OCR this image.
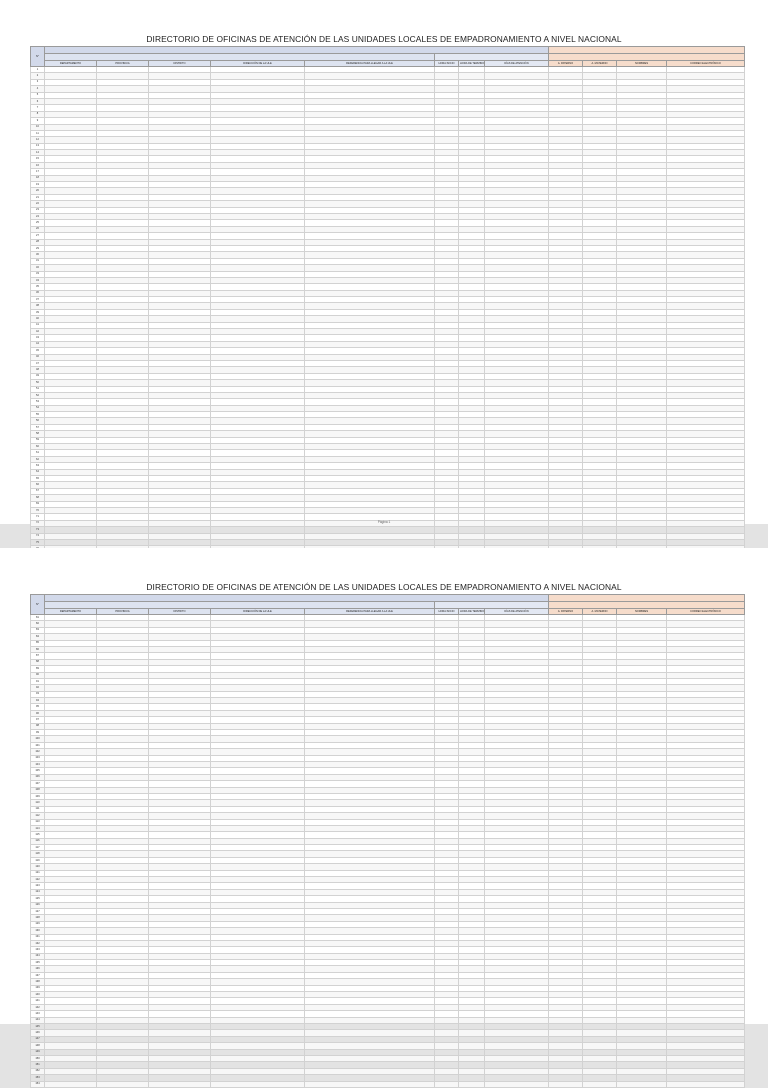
DIRECTORIO DE OFICINAS DE ATENCIÓN DE LAS UNIDADES LOCALES DE EMPADRONAMIENTO A NIVEL NACIONAL
N°												

	DEPARTAMENTO	PROVINCIA	DISTRITO	DIRECCIÓN DE LA ULE	REFERENCIA PARA LLEGAR A LA ULE	HORA INICIO	HORA DE TERMINO	DÍAS DE ATENCIÓN	A. PATERNO	A. MATERNO	NOMBRES	CORREO ELECTRÓNICO
1												
2												
3												
4												
5												
6												
7												
8												
9												
10												
11												
12												
13												
14												
15												
16												
17												
18												
19												
20												
21												
22												
23												
24												
25												
26												
27												
28												
29												
30												
31												
32												
33												
34												
35												
36												
37												
38												
39												
40												
41												
42												
43												
44												
45												
46												
47												
48												
49												
50												
51												
52												
53												
54												
55												
56												
57												
58												
59												
60												
61												
62												
63												
64												
65												
66												
67												
68												
69												
70												
71												
72												
73												
74												
75												

Página 1
DIRECTORIO DE OFICINAS DE ATENCIÓN DE LAS UNIDADES LOCALES DE EMPADRONAMIENTO A NIVEL NACIONAL
N°												

	DEPARTAMENTO	PROVINCIA	DISTRITO	DIRECCIÓN DE LA ULE	REFERENCIA PARA LLEGAR A LA ULE	HORA INICIO	HORA DE TERMINO	DÍAS DE ATENCIÓN	A. PATERNO	A. MATERNO	NOMBRES	CORREO ELECTRÓNICO
81												
82												
83												
84												
85												
86												
87												
88												
89												
90												
91												
92												
93												
94												
95												
96												
97												
98												
99												
100												
101												
102												
103												
104												
105												
106												
107												
108												
109												
110												
111												
112												
113												
114												
115												
116												
117												
118												
119												
120												
121												
122												
123												
124												
125												
126												
127												
128												
129												
130												
131												
132												
133												
134												
135												
136												
137												
138												
139												
140												
141												
142												
143												
144												
145												
146												
147												
148												
149												
150												
151												
152												
153												
154												
